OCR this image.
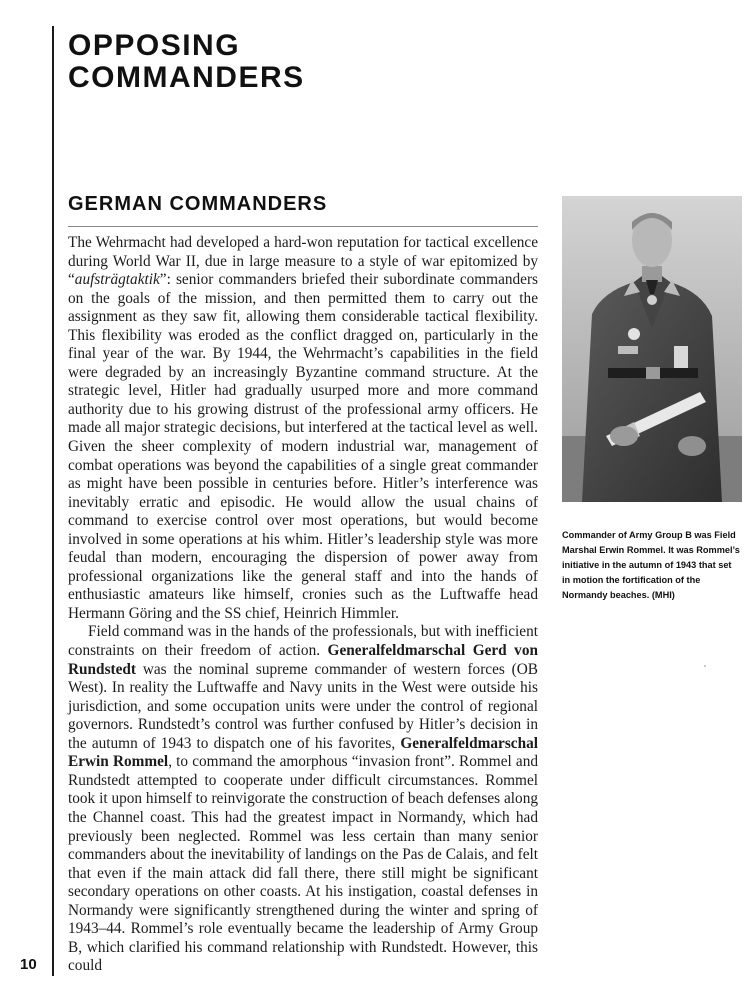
OPPOSING
COMMANDERS
GERMAN COMMANDERS

The Wehrmacht had developed a hard-won reputation for tactical excellence during World War II, due in large measure to a style of war epitomized by “aufsträgtaktik”: senior commanders briefed their subordinate commanders on the goals of the mission, and then permitted them to carry out the assignment as they saw fit, allowing them considerable tactical flexibility. This flexibility was eroded as the conflict dragged on, particularly in the final year of the war. By 1944, the Wehrmacht’s capabilities in the field were degraded by an increasingly Byzantine command structure. At the strategic level, Hitler had gradually usurped more and more command authority due to his growing distrust of the professional army officers. He made all major strategic decisions, but interfered at the tactical level as well. Given the sheer complexity of modern industrial war, management of combat operations was beyond the capabilities of a single great commander as might have been possible in centuries before. Hitler’s interference was inevitably erratic and episodic. He would allow the usual chains of command to exercise control over most operations, but would become involved in some operations at his whim. Hitler’s leadership style was more feudal than modern, encouraging the dispersion of power away from professional organizations like the general staff and into the hands of enthusiastic amateurs like himself, cronies such as the Luftwaffe head Hermann Göring and the SS chief, Heinrich Himmler.

Field command was in the hands of the professionals, but with inefficient constraints on their freedom of action. Generalfeldmarschal Gerd von Rundstedt was the nominal supreme commander of western forces (OB West). In reality the Luftwaffe and Navy units in the West were outside his jurisdiction, and some occupation units were under the control of regional governors. Rundstedt’s control was further confused by Hitler’s decision in the autumn of 1943 to dispatch one of his favorites, Generalfeldmarschal Erwin Rommel, to command the amorphous “invasion front”. Rommel and Rundstedt attempted to cooperate under difficult circumstances. Rommel took it upon himself to reinvigorate the construction of beach defenses along the Channel coast. This had the greatest impact in Normandy, which had previously been neglected. Rommel was less certain than many senior commanders about the inevitability of landings on the Pas de Calais, and felt that even if the main attack did fall there, there still might be significant secondary operations on other coasts. At his instigation, coastal defenses in Normandy were significantly strengthened during the winter and spring of 1943–44. Rommel’s role eventually became the leadership of Army Group B, which clarified his command relationship with Rundstedt. However, this could

Commander of Army Group B was Field Marshal Erwin Rommel. It was Rommel’s initiative in the autumn of 1943 that set in motion the fortification of the Normandy beaches. (MHI)
10
